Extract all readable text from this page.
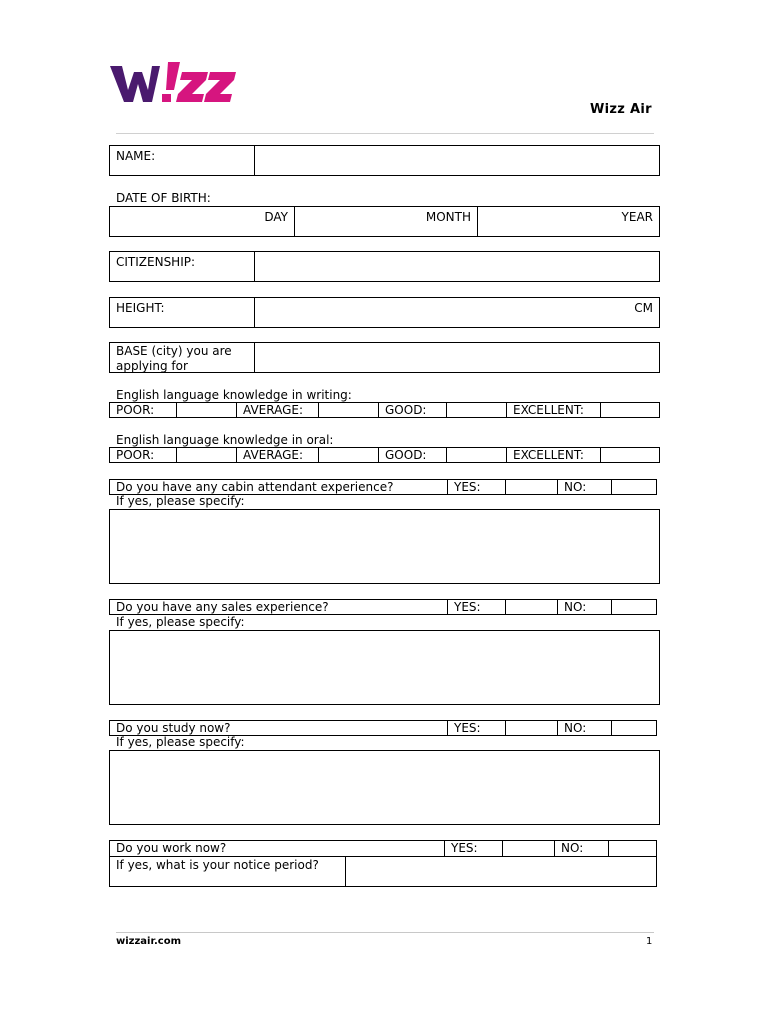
Wizz Air
NAME:
DATE OF BIRTH:
DAY	MONTH	YEAR
CITIZENSHIP:
HEIGHT:	CM
BASE (city) you are applying for
English language knowledge in writing:
POOR:	AVERAGE:	GOOD:	EXCELLENT:
English language knowledge in oral:
POOR:	AVERAGE:	GOOD:	EXCELLENT:
Do you have any cabin attendant experience?	YES:	NO:
If yes, please specify:
Do you have any sales experience?	YES:	NO:
If yes, please specify:
Do you study now?	YES:	NO:
If yes, please specify:
Do you work now?	YES:	NO:
If yes, what is your notice period?
wizzair.com	1
